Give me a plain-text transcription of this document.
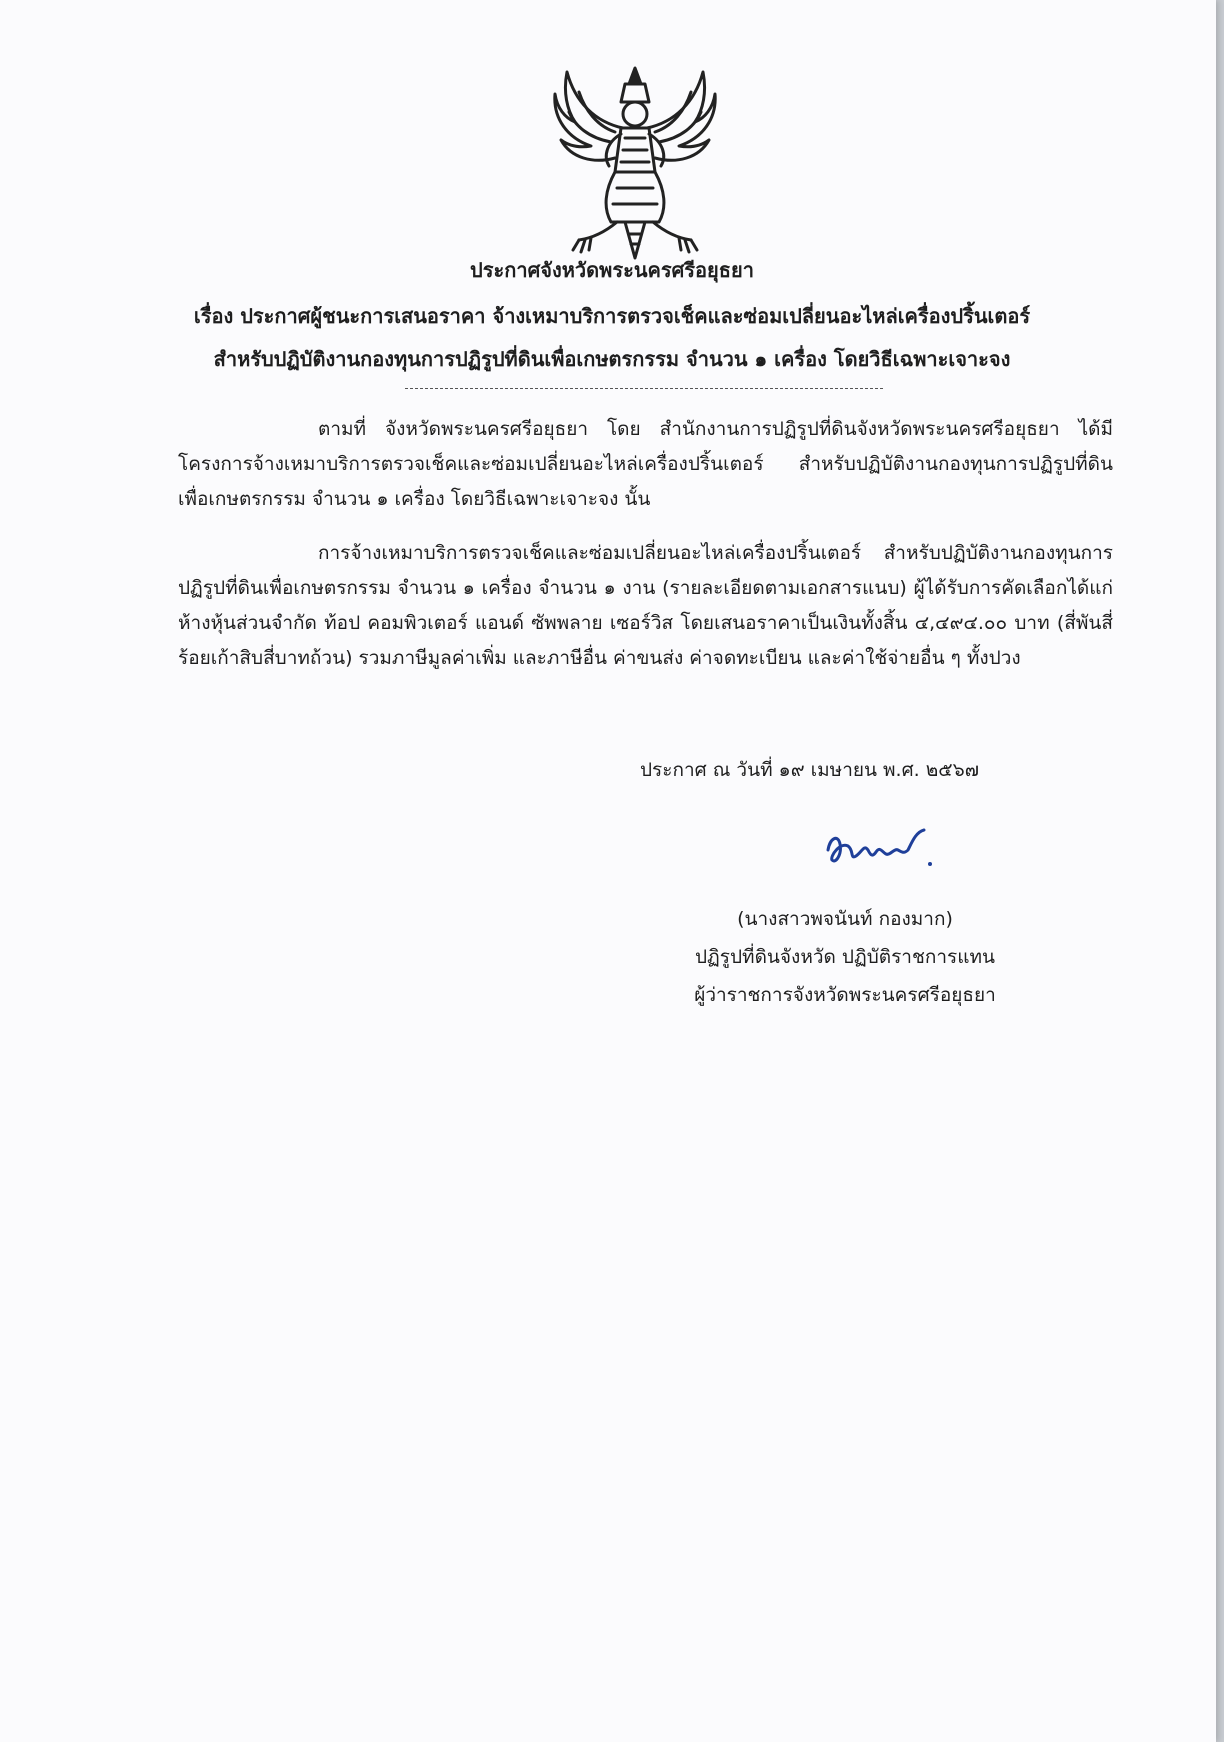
ประกาศจังหวัดพระนครศรีอยุธยา

เรื่อง ประกาศผู้ชนะการเสนอราคา จ้างเหมาบริการตรวจเช็คและซ่อมเปลี่ยนอะไหล่เครื่องปริ้นเตอร์

สำหรับปฏิบัติงานกองทุนการปฏิรูปที่ดินเพื่อเกษตรกรรม จำนวน ๑ เครื่อง โดยวิธีเฉพาะเจาะจง

ตามที่ จังหวัดพระนครศรีอยุธยา โดย สำนักงานการปฏิรูปที่ดินจังหวัดพระนครศรีอยุธยา ได้มีโครงการจ้างเหมาบริการตรวจเช็คและซ่อมเปลี่ยนอะไหล่เครื่องปริ้นเตอร์ สำหรับปฏิบัติงานกองทุนการปฏิรูปที่ดินเพื่อเกษตรกรรม จำนวน ๑ เครื่อง โดยวิธีเฉพาะเจาะจง นั้น

การจ้างเหมาบริการตรวจเช็คและซ่อมเปลี่ยนอะไหล่เครื่องปริ้นเตอร์ สำหรับปฏิบัติงานกองทุนการปฏิรูปที่ดินเพื่อเกษตรกรรม จำนวน ๑ เครื่อง จำนวน ๑ งาน (รายละเอียดตามเอกสารแนบ) ผู้ได้รับการคัดเลือกได้แก่ ห้างหุ้นส่วนจำกัด ท้อป คอมพิวเตอร์ แอนด์ ซัพพลาย เซอร์วิส โดยเสนอราคาเป็นเงินทั้งสิ้น ๔,๔๙๔.๐๐ บาท (สี่พันสี่ร้อยเก้าสิบสี่บาทถ้วน) รวมภาษีมูลค่าเพิ่ม และภาษีอื่น ค่าขนส่ง ค่าจดทะเบียน และค่าใช้จ่ายอื่น ๆ ทั้งปวง

ประกาศ ณ วันที่ ๑๙ เมษายน พ.ศ. ๒๕๖๗
(นางสาวพจนันท์ กองมาก)
ปฏิรูปที่ดินจังหวัด ปฏิบัติราชการแทน
ผู้ว่าราชการจังหวัดพระนครศรีอยุธยา
